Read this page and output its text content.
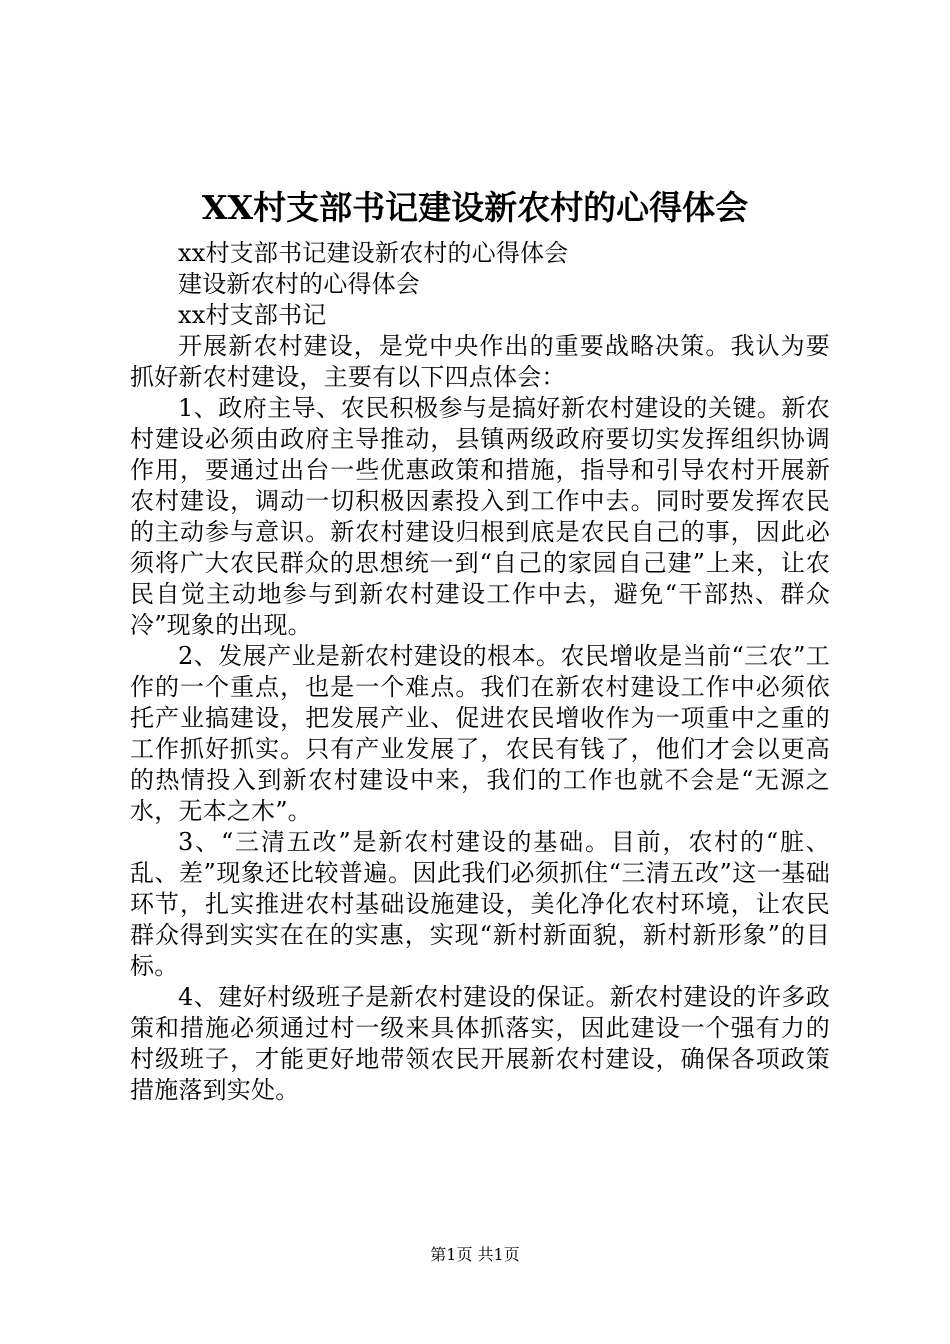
XX村支部书记建设新农村的心得体会

xx村支部书记建设新农村的心得体会

建设新农村的心得体会

xx村支部书记

开展新农村建设，是党中央作出的重要战略决策。我认为要抓好新农村建设，主要有以下四点体会：

1、政府主导、农民积极参与是搞好新农村建设的关键。新农村建设必须由政府主导推动，县镇两级政府要切实发挥组织协调作用，要通过出台一些优惠政策和措施，指导和引导农村开展新农村建设，调动一切积极因素投入到工作中去。同时要发挥农民的主动参与意识。新农村建设归根到底是农民自己的事，因此必须将广大农民群众的思想统一到“自己的家园自己建”上来，让农民自觉主动地参与到新农村建设工作中去，避免“干部热、群众冷”现象的出现。

2、发展产业是新农村建设的根本。农民增收是当前“三农”工作的一个重点，也是一个难点。我们在新农村建设工作中必须依托产业搞建设，把发展产业、促进农民增收作为一项重中之重的工作抓好抓实。只有产业发展了，农民有钱了，他们才会以更高的热情投入到新农村建设中来，我们的工作也就不会是“无源之水，无本之木”。

3、“三清五改”是新农村建设的基础。目前，农村的“脏、乱、差”现象还比较普遍。因此我们必须抓住“三清五改”这一基础环节，扎实推进农村基础设施建设，美化净化农村环境，让农民群众得到实实在在的实惠，实现“新村新面貌，新村新形象”的目标。

4、建好村级班子是新农村建设的保证。新农村建设的许多政策和措施必须通过村一级来具体抓落实，因此建设一个强有力的村级班子，才能更好地带领农民开展新农村建设，确保各项政策措施落到实处。

第1页 共1页
